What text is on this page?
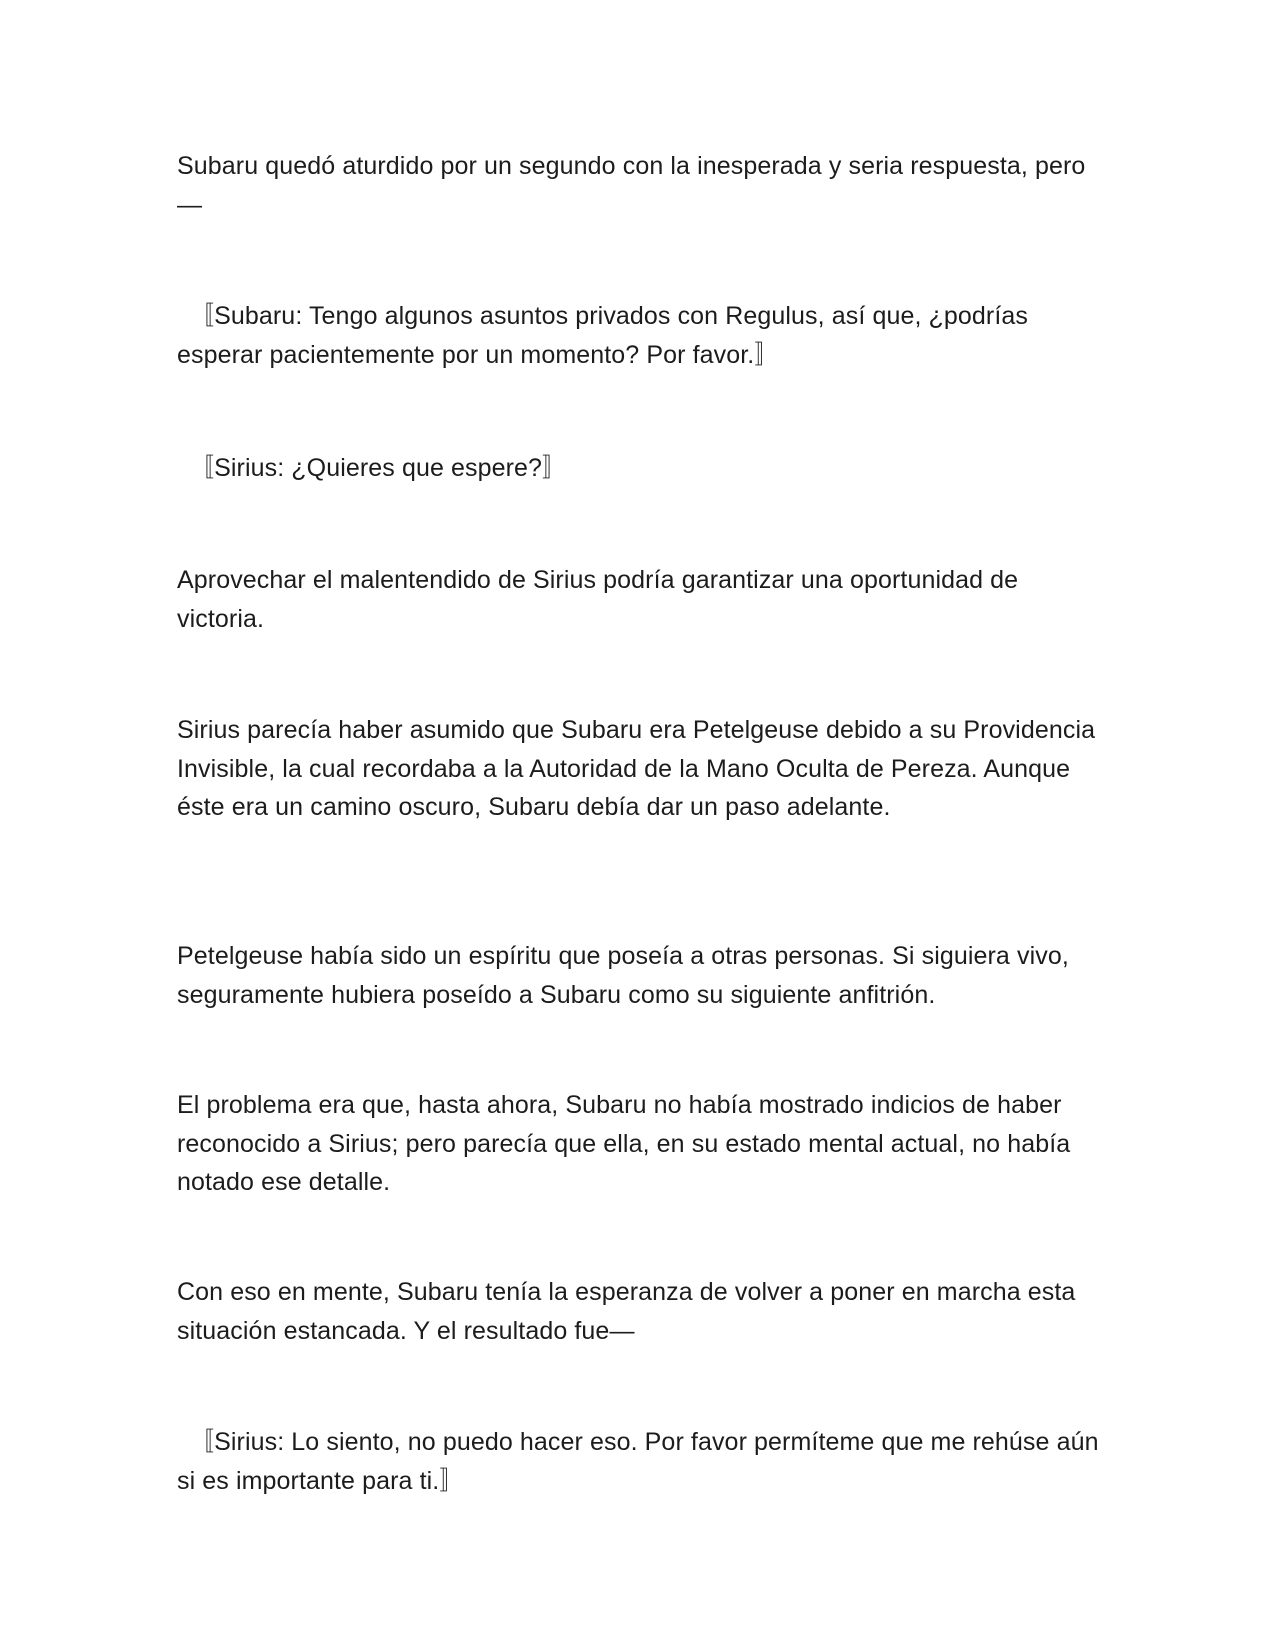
Subaru quedó aturdido por un segundo con la inesperada y seria respuesta, pero—

〚Subaru: Tengo algunos asuntos privados con Regulus, así que, ¿podrías esperar pacientemente por un momento? Por favor.〛

〚Sirius: ¿Quieres que espere?〛

Aprovechar el malentendido de Sirius podría garantizar una oportunidad de victoria.

Sirius parecía haber asumido que Subaru era Petelgeuse debido a su Providencia Invisible, la cual recordaba a la Autoridad de la Mano Oculta de Pereza. Aunque éste era un camino oscuro, Subaru debía dar un paso adelante.

Petelgeuse había sido un espíritu que poseía a otras personas. Si siguiera vivo, seguramente hubiera poseído a Subaru como su siguiente anfitrión.

El problema era que, hasta ahora, Subaru no había mostrado indicios de haber reconocido a Sirius; pero parecía que ella, en su estado mental actual, no había notado ese detalle.

Con eso en mente, Subaru tenía la esperanza de volver a poner en marcha esta situación estancada. Y el resultado fue—

〚Sirius: Lo siento, no puedo hacer eso. Por favor permíteme que me rehúse aún si es importante para ti.〛
